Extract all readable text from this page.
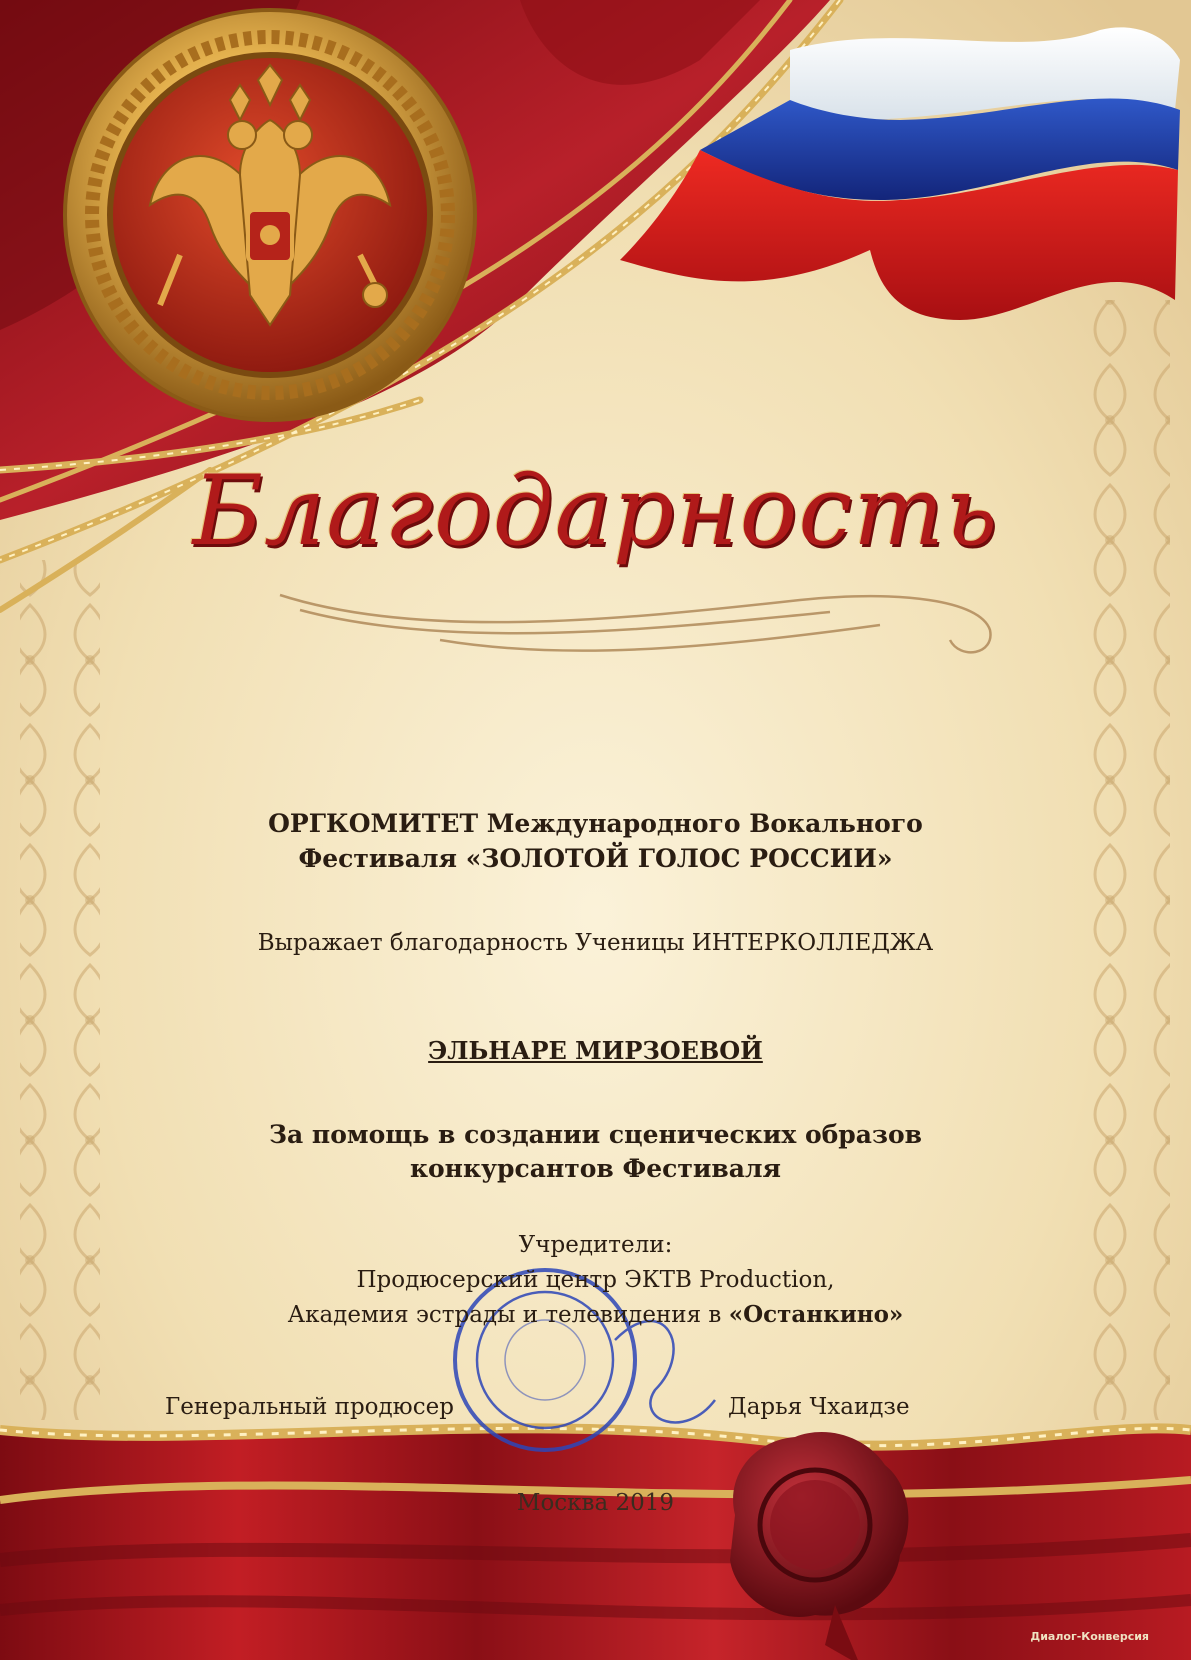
Благодарность
ОРГКОМИТЕТ Международного Вокального
Фестиваля «ЗОЛОТОЙ ГОЛОС РОССИИ»
Выражает благодарность Ученицы ИНТЕРКОЛЛЕДЖА
ЭЛЬНАРЕ МИРЗОЕВОЙ
За помощь в создании сценических образов
конкурсантов Фестиваля
Учредители:
Продюсерский центр ЭКТВ Production,
Академия эстрады и телевидения в «Останкино»
Генеральный продюсер	Дарья Чхаидзе
Москва 2019
Диалог-Конверсия
